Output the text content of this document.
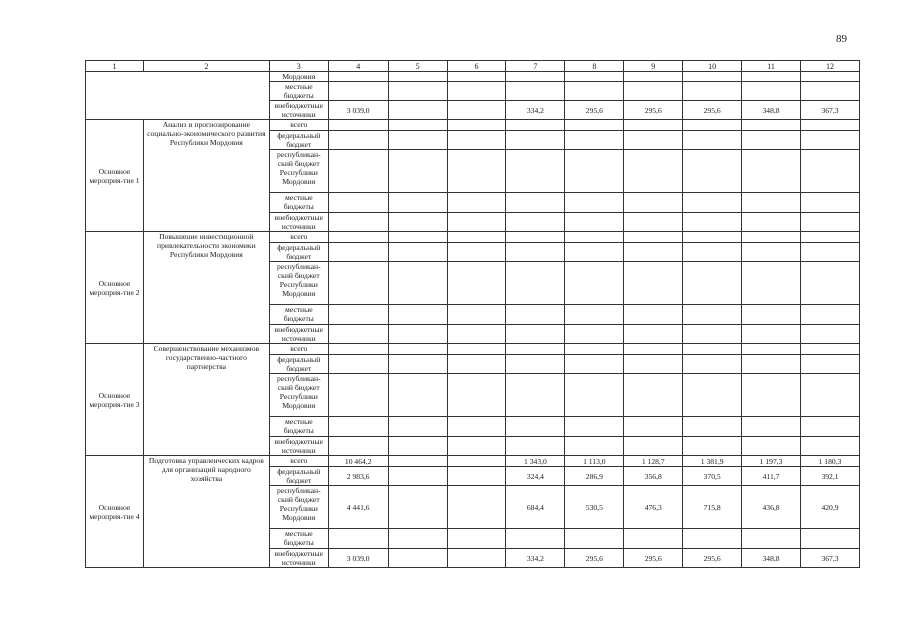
89
1	2	3	4	5	6	7	8	9	10	11	12
		Мордовия									
		местные бюджеты									
		внебюджетные источники	3 039,0			334,2	295,6	295,6	295,6	348,8	367,3
Основное мероприя-тие 1	Анализ и прогнозирование социально-экономического развития Республики Мордовия	всего									
		федеральный бюджет									
		республикан-ский бюджет Республики Мордовия									
		местные бюджеты									
		внебюджетные источники									
Основное мероприя-тие 2	Повышение инвестиционной привлекательности экономики Республики Мордовия	всего									
		федеральный бюджет									
		республикан-ский бюджет Республики Мордовия									
		местные бюджеты									
		внебюджетные источники									
Основное мероприя-тие 3	Совершенствование механизмов государственно-частного партнерства	всего									
		федеральный бюджет									
		республикан-ский бюджет Республики Мордовия									
		местные бюджеты									
		внебюджетные источники									
Основное мероприя-тие 4	Подготовка управленческих кадров для организаций народного хозяйства	всего	10 464,2			1 343,0	1 113,0	1 128,7	1 381,9	1 197,3	1 180,3
		федеральный бюджет	2 983,6			324,4	286,9	356,8	370,5	411,7	392,1
		республикан-ский бюджет Республики Мордовия	4 441,6			684,4	530,5	476,3	715,8	436,8	420,9
		местные бюджеты									
		внебюджетные источники	3 039,0			334,2	295,6	295,6	295,6	348,8	367,3
